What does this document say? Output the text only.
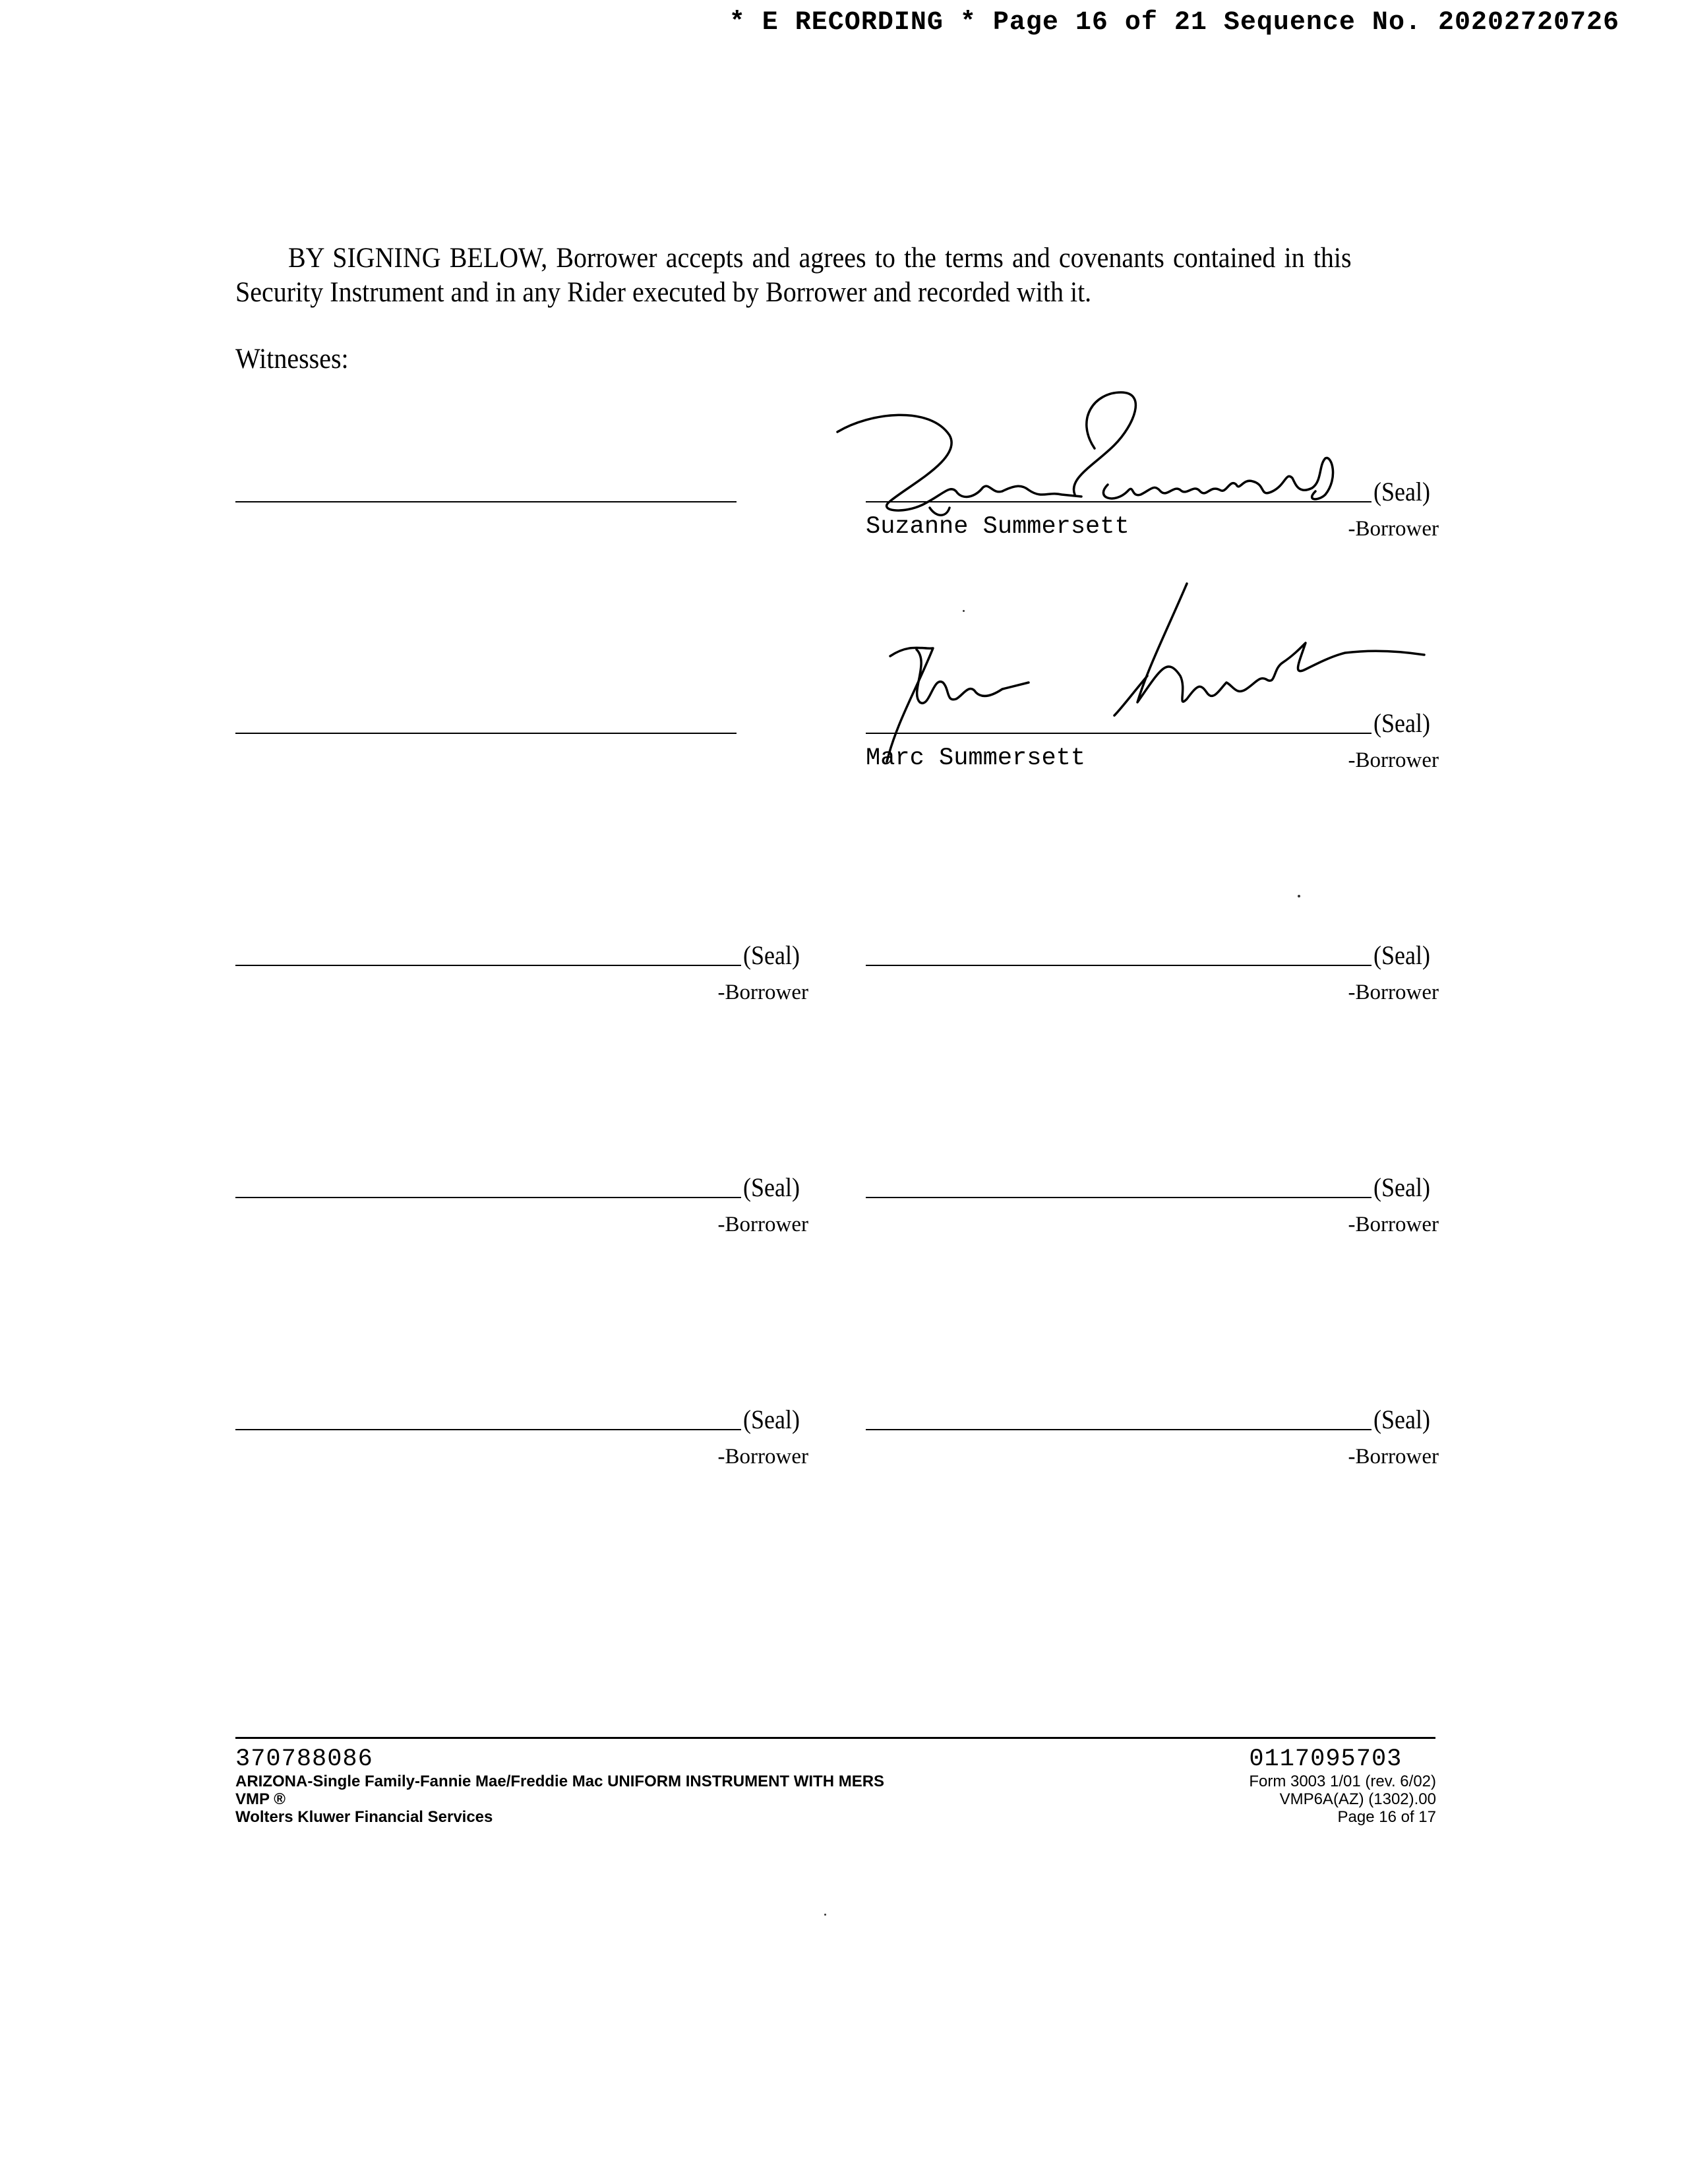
* E RECORDING * Page 16 of 21 Sequence No. 20202720726
BY SIGNING BELOW, Borrower accepts and agrees to the terms and covenants contained in this Security Instrument and in any Rider executed by Borrower and recorded with it.
Witnesses:
(Seal)
Suzanne Summersett	-Borrower
(Seal)
Marc Summersett	-Borrower
(Seal)
-Borrower
(Seal)
-Borrower
(Seal)
-Borrower
(Seal)
-Borrower
(Seal)
-Borrower
(Seal)
-Borrower
370788086
ARIZONA-Single Family-Fannie Mae/Freddie Mac UNIFORM INSTRUMENT WITH MERS
VMP ®
Wolters Kluwer Financial Services
0117095703
Form 3003 1/01 (rev. 6/02)
VMP6A(AZ) (1302).00
Page 16 of 17
